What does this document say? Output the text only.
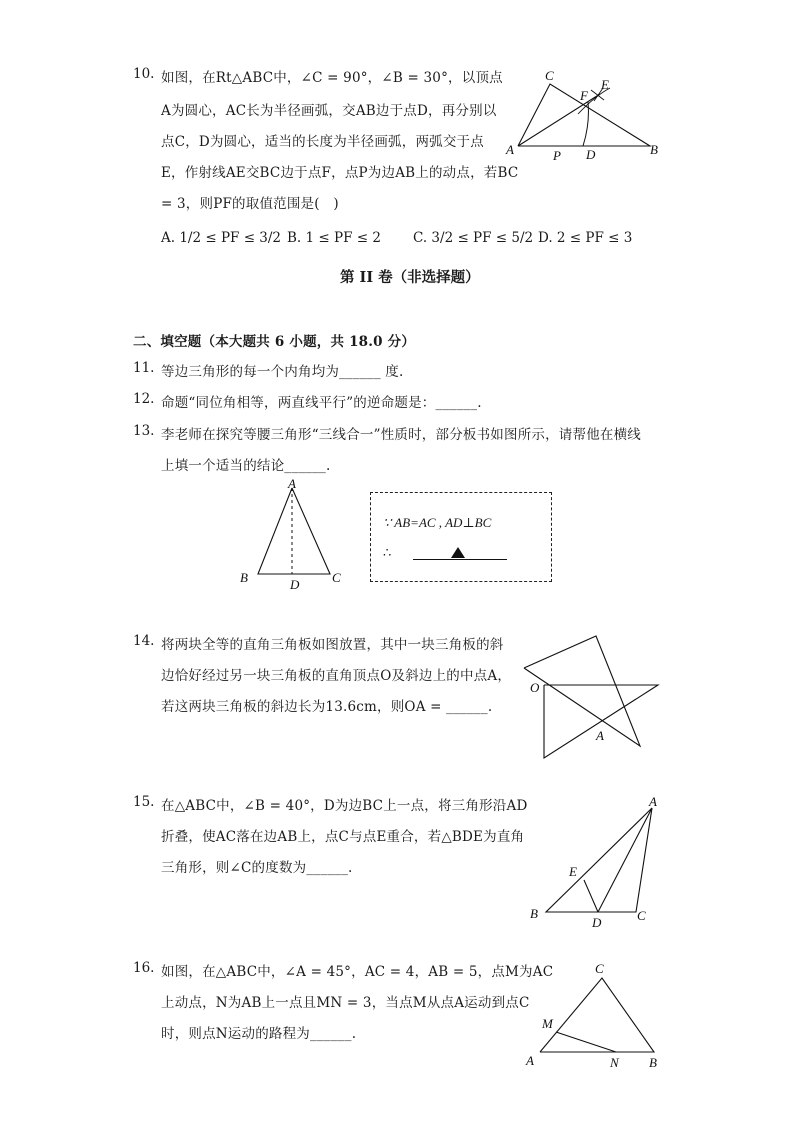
10. 如图，在Rt△ABC中，∠C = 90°，∠B = 30°，以顶点
A为圆心，AC长为半径画弧，交AB边于点D，再分别以
点C，D为圆心，适当的长度为半径画弧，两弧交于点
E，作射线AE交BC边于点F，点P为边AB上的动点，若BC
= 3，则PF的取值范围是(　)
A. 1/2 ≤ PF ≤ 3/2 B. 1 ≤ PF ≤ 2 C. 3/2 ≤ PF ≤ 5/2 D. 2 ≤ PF ≤ 3
C
E
F
A	P D	B
第 II 卷（非选择题）
二、填空题（本大题共 6 小题，共 18.0 分）
11. 等边三角形的每一个内角均为______ 度.
12. 命题“同位角相等，两直线平行”的逆命题是：______.
13. 李老师在探究等腰三角形“三线合一”性质时，部分板书如图所示，请帮他在横线
上填一个适当的结论______.
A
B	C
D
∵ AB=AC , AD⊥BC
∴
14. 将两块全等的直角三角板如图放置，其中一块三角板的斜
边恰好经过另一块三角板的直角顶点O及斜边上的中点A，
若这两块三角板的斜边长为13.6cm，则OA = ______.
O
A
15. 在△ABC中，∠B = 40°，D为边BC上一点，将三角形沿AD
折叠，使AC落在边AB上，点C与点E重合，若△BDE为直角
三角形，则∠C的度数为______.
A
E
B
D	C
16. 如图，在△ABC中，∠A = 45°，AC = 4，AB = 5，点M为AC
上动点，N为AB上一点且MN = 3，当点M从点A运动到点C
时，则点N运动的路程为______.
C
M
A	N B
